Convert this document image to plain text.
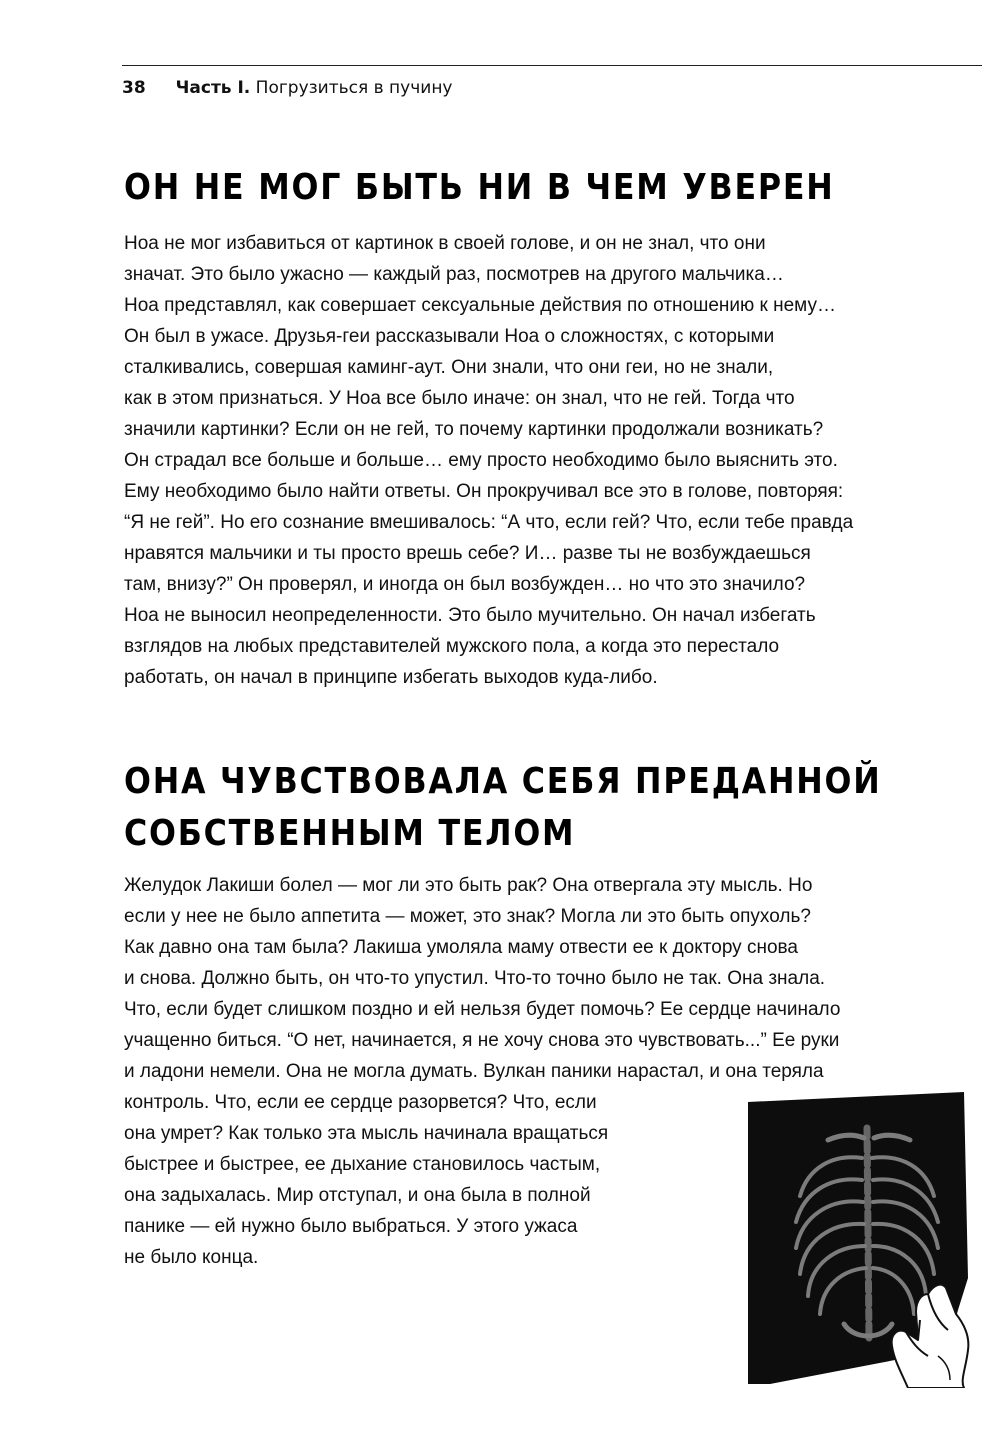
38 Часть I. Погрузиться в пучину
ОН НЕ МОГ БЫТЬ НИ В ЧЕМ УВЕРЕН
Ноа не мог избавиться от картинок в своей голове, и он не знал, что они
значат. Это было ужасно — каждый раз, посмотрев на другого мальчика…
Ноа представлял, как совершает сексуальные действия по отношению к нему…
Он был в ужасе. Друзья-геи рассказывали Ноа о сложностях, с которыми
сталкивались, совершая каминг-аут. Они знали, что они геи, но не знали,
как в этом признаться. У Ноа все было иначе: он знал, что не гей. Тогда что
значили картинки? Если он не гей, то почему картинки продолжали возникать?
Он страдал все больше и больше… ему просто необходимо было выяснить это.
Ему необходимо было найти ответы. Он прокручивал все это в голове, повторяя:
“Я не гей”. Но его сознание вмешивалось: “А что, если гей? Что, если тебе правда
нравятся мальчики и ты просто врешь себе? И… разве ты не возбуждаешься
там, внизу?” Он проверял, и иногда он был возбужден… но что это значило?
Ноа не выносил неопределенности. Это было мучительно. Он начал избегать
взглядов на любых представителей мужского пола, а когда это перестало
работать, он начал в принципе избегать выходов куда-либо.
ОНА ЧУВСТВОВАЛА СЕБЯ ПРЕДАННОЙ
СОБСТВЕННЫМ ТЕЛОМ
Желудок Лакиши болел — мог ли это быть рак? Она отвергала эту мысль. Но
если у нее не было аппетита — может, это знак? Могла ли это быть опухоль?
Как давно она там была? Лакиша умоляла маму отвести ее к доктору снова
и снова. Должно быть, он что-то упустил. Что-то точно было не так. Она знала.
Что, если будет слишком поздно и ей нельзя будет помочь? Ее сердце начинало
учащенно биться. “О нет, начинается, я не хочу снова это чувствовать...” Ее руки
и ладони немели. Она не могла думать. Вулкан паники нарастал, и она теряла
контроль. Что, если ее сердце разорвется? Что, если
она умрет? Как только эта мысль начинала вращаться
быстрее и быстрее, ее дыхание становилось частым,
она задыхалась. Мир отступал, и она была в полной
панике — ей нужно было выбраться. У этого ужаса
не было конца.
